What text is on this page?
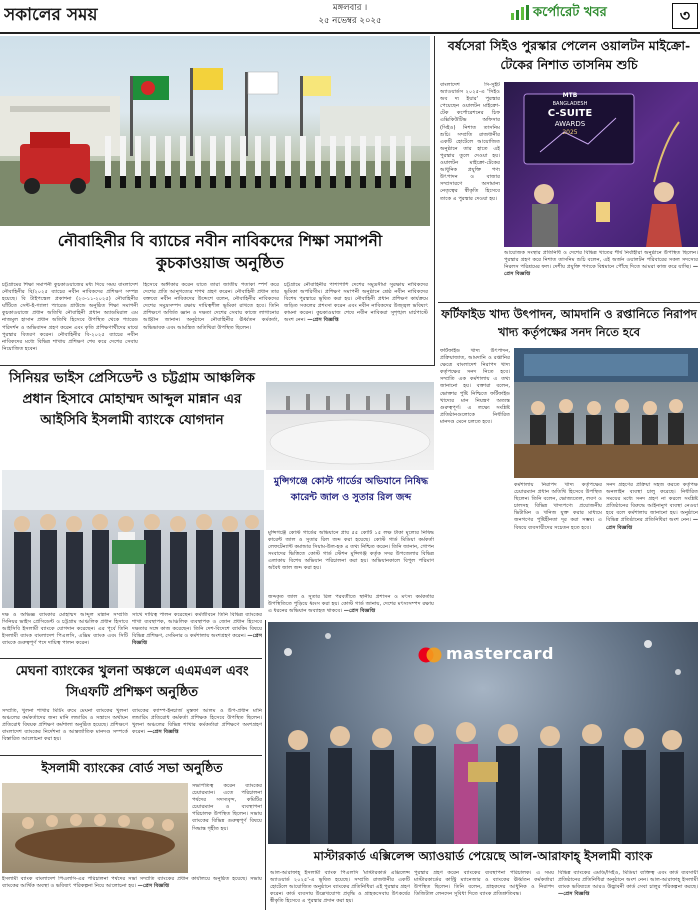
সকালের সময়	মঙ্গলবার ।
২৫ নভেম্বর ২০২৫
কর্পোরেট খবর	৩
নৌবাহিনীর বি ব্যাচের নবীন নাবিকদের শিক্ষা সমাপনী কুচকাওয়াজ অনুষ্ঠিত
চট্টগ্রামের শিক্ষা সমাপনী কুচকাওয়াজের মধ্য দিয়ে সময় বাংলাদেশ নৌবাহিনীর বি/২০২৫ ব্যাচের নবীন নাবিকদের প্রশিক্ষণ সম্পন্ন হয়েছে। বি টাইপস্কেল প্রকাশনা (২৩-১১-২০২৫) নৌবাহিনীর ঘাঁটিতে সেন্ট-ই-গ্যালা প্যারেড গ্রাউন্ডে অনুষ্ঠিত শিক্ষা সমাপনী কুচকাওয়াজে প্রধান অতিথি নৌবাহিনী প্রধান অ্যাডমিরাল এম নাজমুল হাসান প্রধান অতিথি হিসেবে উপস্থিত থেকে প্যারেড পরিদর্শন ও অভিবাদন গ্রহণ করেন এবং কৃতি প্রশিক্ষণার্থীদের মাঝে পুরস্কার বিতরণ করেন। নৌবাহিনীর বি-২০২৫ ব্যাচের নবীন নাবিকদের মধ্যে বিভিন্ন শাখায় প্রশিক্ষণ শেষ করে দেশের সেবায় নিয়োজিত হবেন।
হিসেবে অঙ্গীকার করেন যাতে তারা জাতীয় পতাকা স্পর্শ করে দেশের প্রতি আনুগত্যের শপথ গ্রহণ করেন। নৌবাহিনী প্রধান তার বক্তব্যে নবীন নাবিকদের উদ্দেশে বলেন, নৌবাহিনীর নাবিকদের দেশের সমুদ্রসম্পদ রক্ষায় দায়িত্বশীল ভূমিকা রাখতে হবে। তিনি প্রশিক্ষণে অর্জিত জ্ঞান ও দক্ষতা দেশের সেবায় কাজে লাগানোর আহ্বান জানান। অনুষ্ঠানে নৌবাহিনীর ঊর্ধ্বতন কর্মকর্তা, অভিভাবক এবং আমন্ত্রিত অতিথিরা উপস্থিত ছিলেন।
চট্টগ্রামে নৌবাহিনীর পাশাপাশি দেশের সমুদ্রসীমা সুরক্ষায় নাবিকদের ভূমিকা অপরিসীম। প্রশিক্ষণ সমাপনী অনুষ্ঠানে শ্রেষ্ঠ নবীন নাবিকদের বিশেষ পুরস্কারে ভূষিত করা হয়। নৌবাহিনী প্রধান প্রশিক্ষণ কার্যক্রমে জড়িত সকলের প্রশংসা করেন এবং নবীন নাবিকদের উজ্জ্বল ভবিষ্যৎ কামনা করেন। কুচকাওয়াজ শেষে নবীন নাবিকরা সুশৃঙ্খল মার্চপাস্টে অংশ নেন। —প্রেস বিজ্ঞপ্তি
বর্ষসেরা সিইও পুরস্কার পেলেন ওয়ালটন মাইক্রো-টেকের নিশাত তাসনিম শুচি
বাংলাদেশ সি-সুইট অ্যাওয়ার্ডস ২০২৫-এ 'সিইও অব দ্য ইয়ার' পুরস্কার পেয়েছেন ওয়ালটন মাইক্রো-টেক কর্পোরেশনের চিফ এক্সিকিউটিভ অফিসার (সিইও) নিশাত তাসনিম শুচি। সম্প্রতি রাজধানীর একটি হোটেলে আয়োজিত অনুষ্ঠানে তার হাতে এই পুরস্কার তুলে দেওয়া হয়। ওয়ালটন মাইক্রো-টেকের আধুনিক প্রযুক্তি পণ্য উৎপাদন ও বাজার সম্প্রসারণে অসামান্য নেতৃত্বের স্বীকৃতি হিসেবে তাকে এ পুরস্কার দেওয়া হয়।
MTB
BANGLADESH
C-SUITE
AWARDS
2025
আয়োজক সংস্থার প্রতিনিধি ও দেশের বিভিন্ন খাতের শীর্ষ নির্বাহীরা অনুষ্ঠানে উপস্থিত ছিলেন। পুরস্কার গ্রহণ করে নিশাত তাসনিম শুচি বলেন, এই অর্জন ওয়ালটন পরিবারের সকল সদস্যের নিরলস পরিশ্রমের ফল। দেশীয় প্রযুক্তি পণ্যকে বিশ্বমানে পৌঁছে দিতে আমরা কাজ করে যাচ্ছি। —প্রেস বিজ্ঞপ্তি
ফর্টিফাইড খাদ্য উৎপাদন, আমদানি ও রপ্তানিতে নিরাপদ খাদ্য কর্তৃপক্ষের সনদ নিতে হবে
সিনিয়র ভাইস প্রেসিডেন্ট ও চট্টগ্রাম আঞ্চলিক প্রধান হিসাবে মোহাম্মদ আব্দুল মান্নান এর আইসিবি ইসলামী ব্যাংকে যোগদান
ফর্টিফাইড খাদ্য উৎপাদন, প্রক্রিয়াজাত, আমদানি ও রপ্তানির ক্ষেত্রে বাংলাদেশ নিরাপদ খাদ্য কর্তৃপক্ষের সনদ নিতে হবে। সম্প্রতি এক কর্মশালায় এ তথ্য জানানো হয়। বক্তারা বলেন, ভোক্তার পুষ্টি নিশ্চিতে ফর্টিফাইড খাদ্যের মান নিয়ন্ত্রণ অত্যন্ত গুরুত্বপূর্ণ। এ লক্ষ্যে সংশ্লিষ্ট প্রতিষ্ঠানগুলোকে নির্ধারিত মানদণ্ড মেনে চলতে হবে।
কর্মশালায় নিরাপদ খাদ্য কর্তৃপক্ষের চেয়ারম্যান প্রধান অতিথি হিসেবে উপস্থিত ছিলেন। তিনি বলেন, ভোজ্যতেল, লবণ ও চালসহ বিভিন্ন খাদ্যপণ্যে প্রয়োজনীয় ভিটামিন ও খনিজ যুক্ত করার মাধ্যমে জনগণের পুষ্টিহীনতা দূর করা সম্ভব। এ বিষয়ে ব্যবসায়ীদের সচেতন হতে হবে।
সনদ গ্রহণের প্রক্রিয়া সহজ করতে কর্তৃপক্ষ অনলাইন ব্যবস্থা চালু করেছে। নির্ধারিত সময়ের মধ্যে সনদ গ্রহণ না করলে সংশ্লিষ্ট প্রতিষ্ঠানের বিরুদ্ধে আইনানুগ ব্যবস্থা নেওয়া হবে বলে কর্মশালায় জানানো হয়। অনুষ্ঠানে বিভিন্ন প্রতিষ্ঠানের প্রতিনিধিরা অংশ নেন। —প্রেস বিজ্ঞপ্তি
মুন্সিগঞ্জে কোস্ট গার্ডের অভিযানে নিষিদ্ধ কারেন্ট জাল ও সুতার রিল জব্দ
মুন্সিগঞ্জে কোস্ট গার্ডের অভিযানে প্রায় ৫৫ কোটি ১৫ লক্ষ টাকা মূল্যের নিষিদ্ধ কারেন্ট জাল ও সুতার রিল জব্দ করা হয়েছে। কোস্ট গার্ড মিডিয়া কর্মকর্তা লেফটেন্যান্ট কমান্ডার সিয়াম-উল-হক এ তথ্য নিশ্চিত করেন। তিনি জানান, গোপন সংবাদের ভিত্তিতে কোস্ট গার্ড স্টেশন মুন্সিগঞ্জ কর্তৃক সদর উপজেলার বিভিন্ন এলাকায় বিশেষ অভিযান পরিচালনা করা হয়। অভিযানকালে বিপুল পরিমাণ অবৈধ জাল জব্দ করা হয়।
জব্দকৃত জাল ও সুতার রিল পরবর্তীতে স্থানীয় প্রশাসন ও মৎস্য কর্মকর্তার উপস্থিতিতে পুড়িয়ে ধ্বংস করা হয়। কোস্ট গার্ড জানায়, দেশের মৎস্যসম্পদ রক্ষায় এ ধরনের অভিযান অব্যাহত থাকবে। —প্রেস বিজ্ঞপ্তি
দক্ষ ও অভিজ্ঞ ব্যাংকার মোহাম্মদ আব্দুল মান্নান সম্প্রতি সিনিয়র ভাইস প্রেসিডেন্ট ও চট্টগ্রাম আঞ্চলিক প্রধান হিসাবে আইসিবি ইসলামী ব্যাংকে যোগদান করেছেন। এর পূর্বে তিনি ইসলামী ব্যাংক বাংলাদেশ পিএলসি, এক্সিম ব্যাংক এবং সিটি ব্যাংকে গুরুত্বপূর্ণ পদে দায়িত্ব পালন করেন।
সাথে দায়িত্ব পালন করেছেন। কর্মজীবনে তিনি বিভিন্ন ব্যাংকের শাখা ব্যবস্থাপক, আঞ্চলিক ব্যবস্থাপক ও জোন প্রধান হিসেবে দক্ষতার সঙ্গে কাজ করেছেন। তিনি দেশ-বিদেশে ব্যাংকিং বিষয়ে বিভিন্ন প্রশিক্ষণ, সেমিনার ও কর্মশালায় অংশগ্রহণ করেন। —প্রেস বিজ্ঞপ্তি
মেঘনা ব্যাংকের খুলনা অঞ্চলে এএমএল এবং সিএফটি প্রশিক্ষণ অনুষ্ঠিত
সম্প্রতি, খুলনা শাখার মিটিং রুমে মেঘনা ব্যাংকের খুলনা অঞ্চলের কর্মকর্তাদের জন্য মানি লন্ডারিং ও সন্ত্রাসে অর্থায়ন প্রতিরোধ বিষয়ক প্রশিক্ষণ কর্মশালা অনুষ্ঠিত হয়েছে। প্রশিক্ষণে বাংলাদেশ ব্যাংকের নির্দেশনা ও আন্তর্জাতিক মানদণ্ড সম্পর্কে বিস্তারিত আলোচনা করা হয়।
ব্যাংকের ক্যাম্প-ইনচার্জ মুস্তফা আলম ও উপ-প্রধান মানি লন্ডারিং প্রতিরোধ কর্মকর্তা প্রশিক্ষক হিসেবে উপস্থিত ছিলেন। খুলনা অঞ্চলের বিভিন্ন শাখার কর্মকর্তারা প্রশিক্ষণে অংশগ্রহণ করেন। —প্রেস বিজ্ঞপ্তি
ইসলামী ব্যাংকের বোর্ড সভা অনুষ্ঠিত
সভাপতিত্ব করেন ব্যাংকের চেয়ারম্যান। এতে পরিচালনা পর্ষদের সদস্যবৃন্দ, কমিটির চেয়ারম্যান ও ব্যবস্থাপনা পরিচালক উপস্থিত ছিলেন। সভায় ব্যাংকের বিভিন্ন গুরুত্বপূর্ণ বিষয়ে সিদ্ধান্ত গৃহীত হয়।
ইসলামী ব্যাংক বাংলাদেশ পিএলসি-এর পরিচালনা পর্ষদের সভা সম্প্রতি ব্যাংকের প্রধান কার্যালয়ে অনুষ্ঠিত হয়েছে। সভায় ব্যাংকের আর্থিক অবস্থা ও ভবিষ্যৎ পরিকল্পনা নিয়ে আলোচনা হয়। —প্রেস বিজ্ঞপ্তি
mastercard
মাস্টারকার্ড এক্সিলেন্স অ্যাওয়ার্ড পেয়েছে আল-আরাফাহ্ ইসলামী ব্যাংক
আল-আরাফাহ্ ইসলামী ব্যাংক পিএলসি 'মাস্টারকার্ড এক্সিলেন্স অ্যাওয়ার্ড ২০২৫'-এ ভূষিত হয়েছে। সম্প্রতি রাজধানীর একটি হোটেলে আয়োজিত অনুষ্ঠানে ব্যাংকের প্রতিনিধিরা এই পুরস্কার গ্রহণ করেন। কার্ড ব্যবসায় উল্লেখযোগ্য প্রবৃদ্ধি ও গ্রাহকসেবায় উৎকর্ষের স্বীকৃতি হিসেবে এ পুরস্কার প্রদান করা হয়।
পুরস্কার গ্রহণ করেন ব্যাংকের ব্যবস্থাপনা পরিচালক। এ সময় মাস্টারকার্ডের কান্ট্রি ম্যানেজার ও ব্যাংকের ঊর্ধ্বতন কর্মকর্তারা উপস্থিত ছিলেন। তিনি বলেন, গ্রাহকদের আধুনিক ও নিরাপদ ডিজিটাল লেনদেন সুবিধা দিতে ব্যাংক প্রতিশ্রুতিবদ্ধ।
বিভিন্ন ব্যাংকের এমডি/সিইও, মিডিয়া ব্যক্তিত্ব এবং কার্ড ব্যবসায়ী প্রতিষ্ঠানের প্রতিনিধিরা অনুষ্ঠানে অংশ নেন। আল-আরাফাহ্ ইসলামী ব্যাংক ভবিষ্যতে আরও উদ্ভাবনী কার্ড সেবা চালুর পরিকল্পনা করছে। —প্রেস বিজ্ঞপ্তি
